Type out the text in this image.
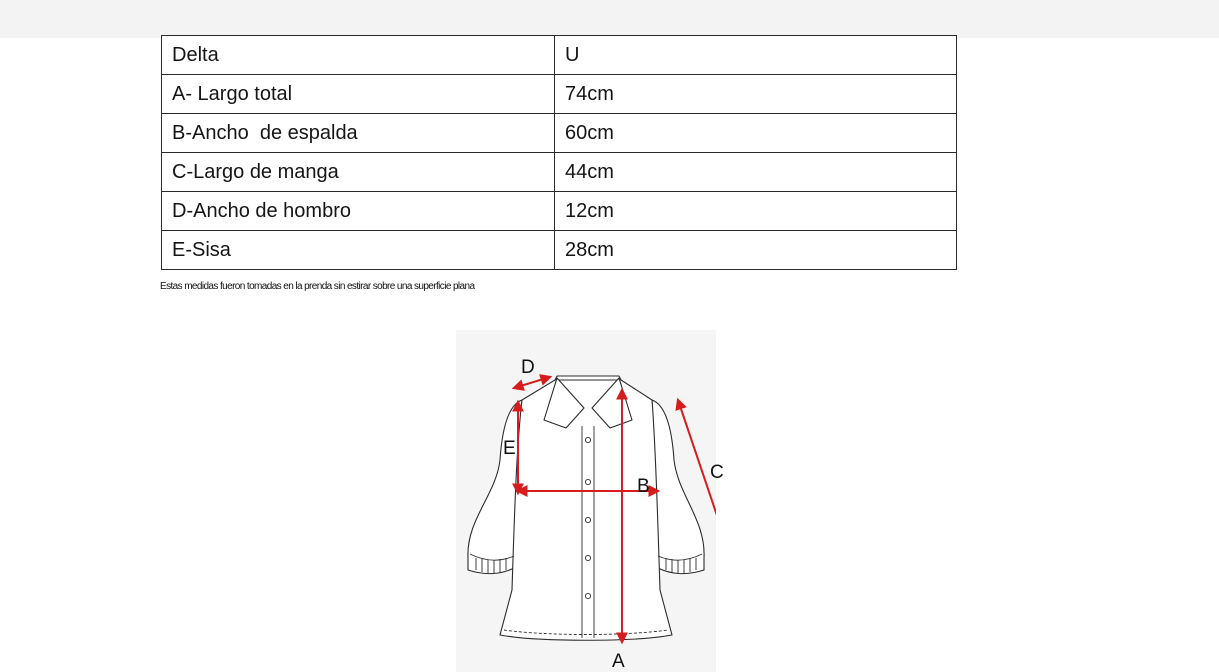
Delta	U
A- Largo total	74cm
B-Ancho  de espalda	60cm
C-Largo de manga	44cm
D-Ancho de hombro	12cm
E-Sisa	28cm
Estas medidas fueron tomadas en la prenda sin estirar sobre una superficie plana
D
E
B
C
A
